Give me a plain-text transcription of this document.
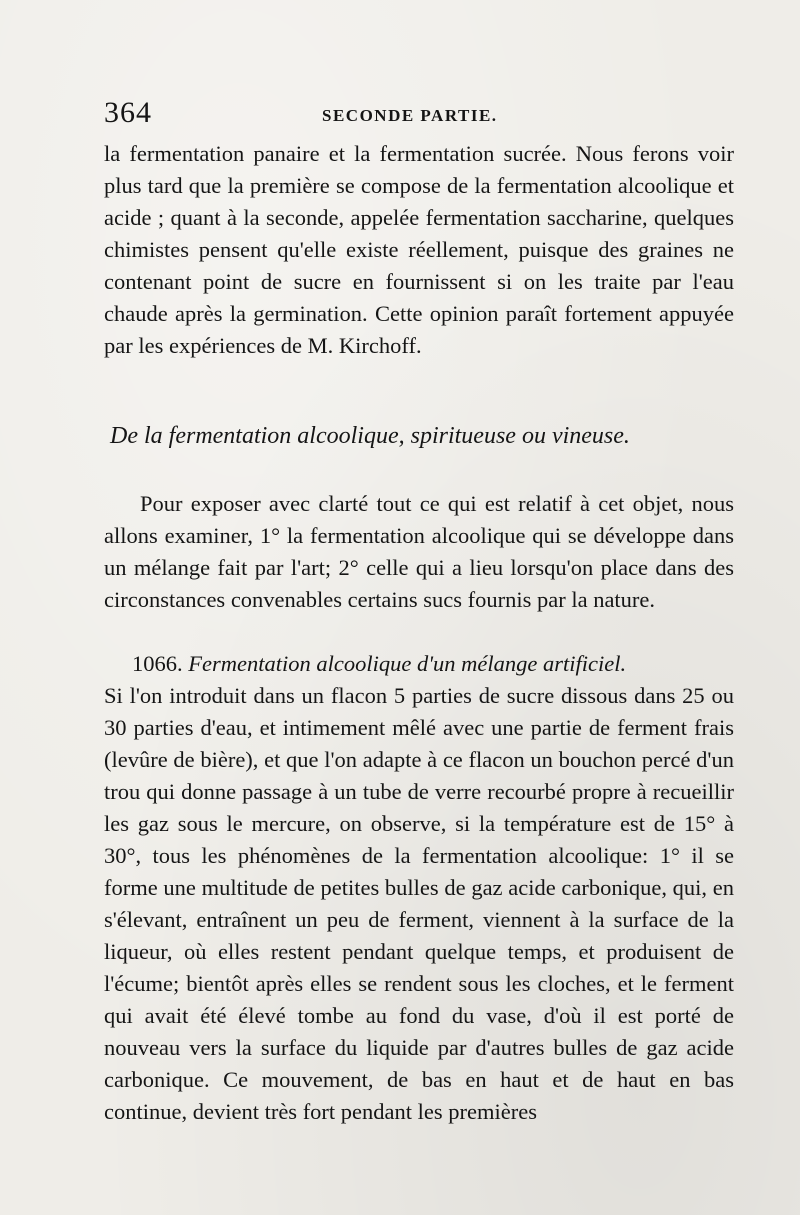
364	SECONDE PARTIE.

la fermentation panaire et la fermentation sucrée. Nous ferons voir plus tard que la première se compose de la fermentation alcoolique et acide ; quant à la seconde, appelée fermentation saccharine, quelques chimistes pensent qu'elle existe réellement, puisque des graines ne contenant point de sucre en fournissent si on les traite par l'eau chaude après la germination. Cette opinion paraît fortement appuyée par les expériences de M. Kirchoff.

De la fermentation alcoolique, spiritueuse ou vineuse.

Pour exposer avec clarté tout ce qui est relatif à cet objet, nous allons examiner, 1° la fermentation alcoolique qui se développe dans un mélange fait par l'art; 2° celle qui a lieu lorsqu'on place dans des circonstances convenables certains sucs fournis par la nature.

1066. Fermentation alcoolique d'un mélange artificiel.
Si l'on introduit dans un flacon 5 parties de sucre dissous dans 25 ou 30 parties d'eau, et intimement mêlé avec une partie de ferment frais (levûre de bière), et que l'on adapte à ce flacon un bouchon percé d'un trou qui donne passage à un tube de verre recourbé propre à recueillir les gaz sous le mercure, on observe, si la température est de 15° à 30°, tous les phénomènes de la fermentation alcoolique: 1° il se forme une multitude de petites bulles de gaz acide carbonique, qui, en s'élevant, entraînent un peu de ferment, viennent à la surface de la liqueur, où elles restent pendant quelque temps, et produisent de l'écume; bientôt après elles se rendent sous les cloches, et le ferment qui avait été élevé tombe au fond du vase, d'où il est porté de nouveau vers la surface du liquide par d'autres bulles de gaz acide carbonique. Ce mouvement, de bas en haut et de haut en bas continue, devient très fort pendant les premières
